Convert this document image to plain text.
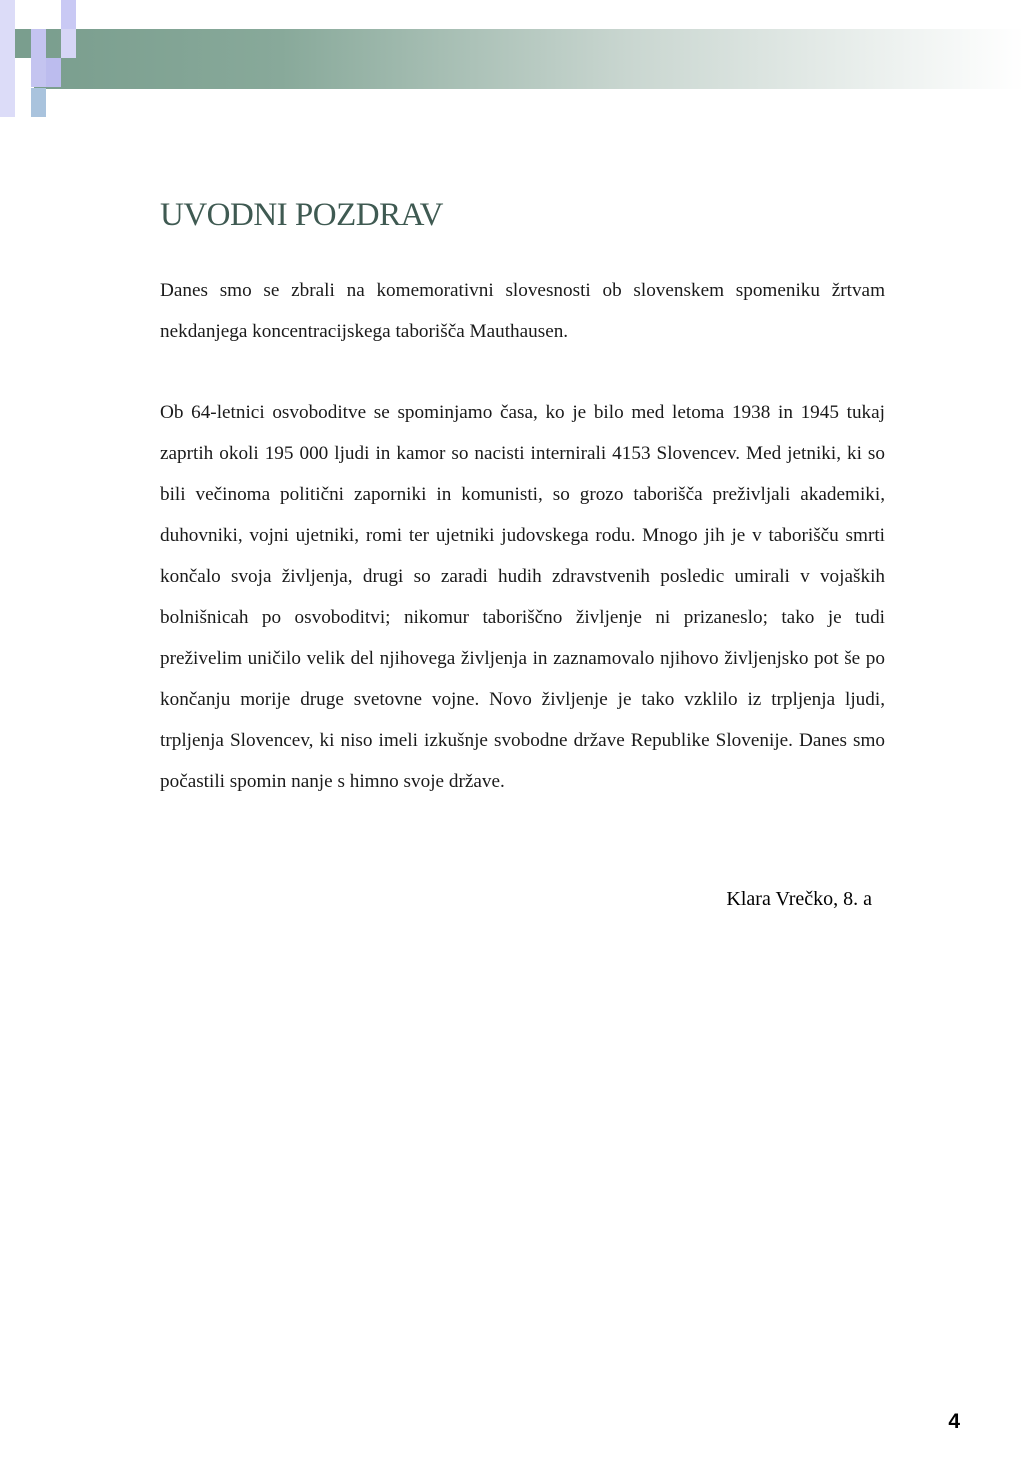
UVODNI POZDRAV

Danes smo se zbrali na komemorativni slovesnosti ob slovenskem spomeniku žrtvam nekdanjega koncentracijskega taborišča Mauthausen.

Ob 64-letnici osvoboditve se spominjamo časa, ko je bilo med letoma 1938 in 1945 tukaj zaprtih okoli 195 000 ljudi in kamor so nacisti internirali 4153 Slovencev. Med jetniki, ki so bili večinoma politični zaporniki in komunisti, so grozo taborišča preživljali akademiki, duhovniki, vojni ujetniki, romi ter ujetniki judovskega rodu. Mnogo jih je v taborišču smrti končalo svoja življenja, drugi so zaradi hudih zdravstvenih posledic umirali v vojaških bolnišnicah po osvoboditvi; nikomur taboriščno življenje ni prizaneslo; tako je tudi preživelim uničilo velik del njihovega življenja in zaznamovalo njihovo življenjsko pot še po končanju morije druge svetovne vojne. Novo življenje je tako vzklilo iz trpljenja ljudi, trpljenja Slovencev, ki niso imeli izkušnje svobodne države Republike Slovenije. Danes smo počastili spomin nanje s himno svoje države.

Klara Vrečko, 8. a

4
